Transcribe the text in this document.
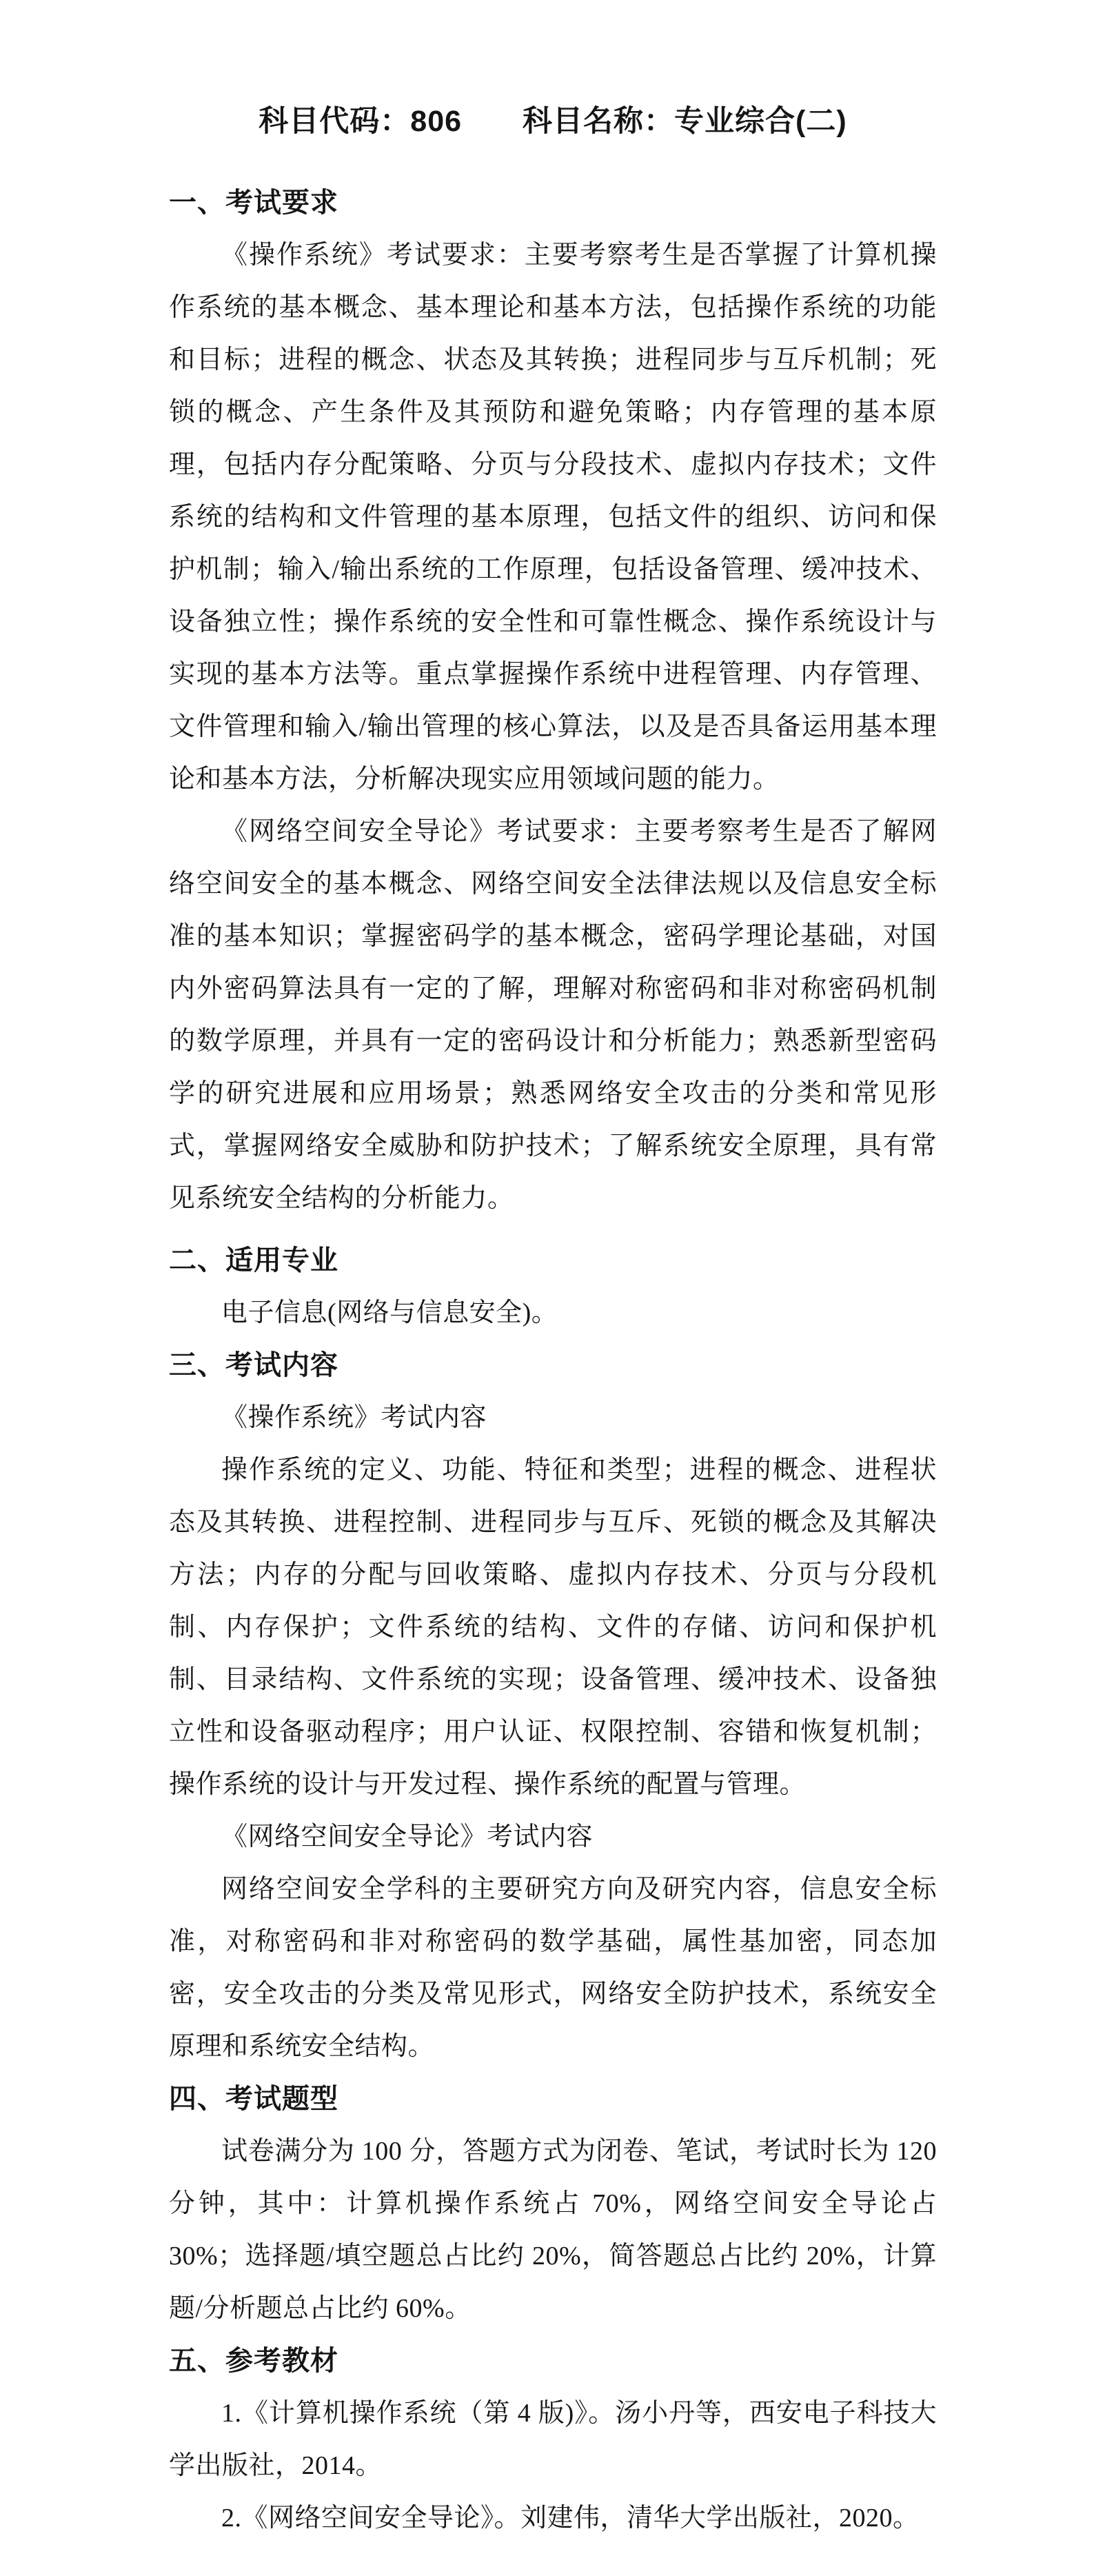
科目代码：806　　科目名称：专业综合(二)
一、考试要求

《操作系统》考试要求：主要考察考生是否掌握了计算机操作系统的基本概念、基本理论和基本方法，包括操作系统的功能和目标；进程的概念、状态及其转换；进程同步与互斥机制；死锁的概念、产生条件及其预防和避免策略；内存管理的基本原理，包括内存分配策略、分页与分段技术、虚拟内存技术；文件系统的结构和文件管理的基本原理，包括文件的组织、访问和保护机制；输入/输出系统的工作原理，包括设备管理、缓冲技术、设备独立性；操作系统的安全性和可靠性概念、操作系统设计与实现的基本方法等。重点掌握操作系统中进程管理、内存管理、文件管理和输入/输出管理的核心算法，以及是否具备运用基本理论和基本方法，分析解决现实应用领域问题的能力。

《网络空间安全导论》考试要求：主要考察考生是否了解网络空间安全的基本概念、网络空间安全法律法规以及信息安全标准的基本知识；掌握密码学的基本概念，密码学理论基础，对国内外密码算法具有一定的了解，理解对称密码和非对称密码机制的数学原理，并具有一定的密码设计和分析能力；熟悉新型密码学的研究进展和应用场景；熟悉网络安全攻击的分类和常见形式，掌握网络安全威胁和防护技术；了解系统安全原理，具有常见系统安全结构的分析能力。

二、适用专业

电子信息(网络与信息安全)。

三、考试内容

《操作系统》考试内容

操作系统的定义、功能、特征和类型；进程的概念、进程状态及其转换、进程控制、进程同步与互斥、死锁的概念及其解决方法；内存的分配与回收策略、虚拟内存技术、分页与分段机制、内存保护；文件系统的结构、文件的存储、访问和保护机制、目录结构、文件系统的实现；设备管理、缓冲技术、设备独立性和设备驱动程序；用户认证、权限控制、容错和恢复机制；操作系统的设计与开发过程、操作系统的配置与管理。

《网络空间安全导论》考试内容

网络空间安全学科的主要研究方向及研究内容，信息安全标准，对称密码和非对称密码的数学基础，属性基加密，同态加密，安全攻击的分类及常见形式，网络安全防护技术，系统安全原理和系统安全结构。

四、考试题型

试卷满分为 100 分，答题方式为闭卷、笔试，考试时长为 120 分钟，其中：计算机操作系统占 70%，网络空间安全导论占 30%；选择题/填空题总占比约 20%，简答题总占比约 20%，计算题/分析题总占比约 60%。

五、参考教材

1.《计算机操作系统（第 4 版)》。汤小丹等，西安电子科技大学出版社，2014。

2.《网络空间安全导论》。刘建伟，清华大学出版社，2020。
